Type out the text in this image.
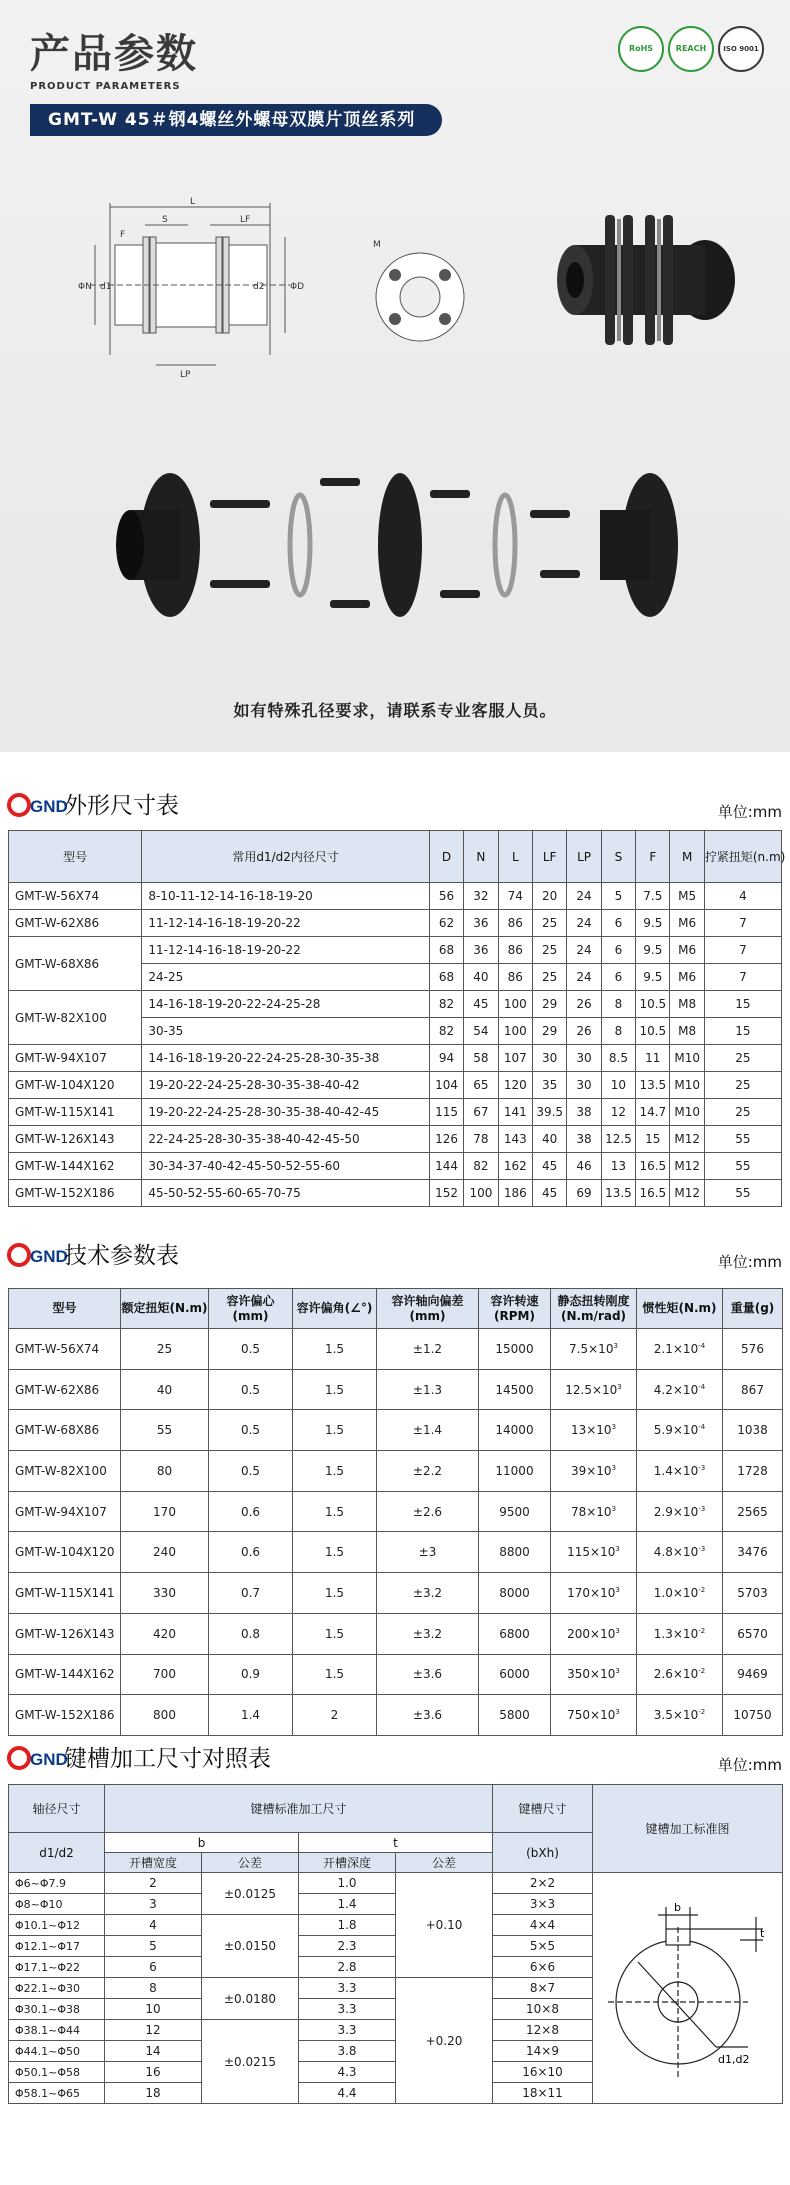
产品参数
PRODUCT PARAMETERS
GMT-W 45＃钢4螺丝外螺母双膜片顶丝系列
RoHS	REACH	ISO 9001
L
S	LF
F
ΦN d1	d2	ΦD
LP
M
如有特殊孔径要求，请联系专业客服人员。
GND
外形尺寸表	单位:mm
型号	常用d1/d2内径尺寸	D	N	L	LF	LP	S	F	M	拧紧扭矩(n.m)
GMT-W-56X74	8-10-11-12-14-16-18-19-20	56	32	74	20	24	5	7.5	M5	4
GMT-W-62X86	11-12-14-16-18-19-20-22	62	36	86	25	24	6	9.5	M6	7
GMT-W-68X86	11-12-14-16-18-19-20-22	68	36	86	25	24	6	9.5	M6	7
	24-25	68	40	86	25	24	6	9.5	M6	7
GMT-W-82X100	14-16-18-19-20-22-24-25-28	82	45	100	29	26	8	10.5	M8	15
	30-35	82	54	100	29	26	8	10.5	M8	15
GMT-W-94X107	14-16-18-19-20-22-24-25-28-30-35-38	94	58	107	30	30	8.5	11	M10	25
GMT-W-104X120	19-20-22-24-25-28-30-35-38-40-42	104	65	120	35	30	10	13.5	M10	25
GMT-W-115X141	19-20-22-24-25-28-30-35-38-40-42-45	115	67	141	39.5	38	12	14.7	M10	25
GMT-W-126X143	22-24-25-28-30-35-38-40-42-45-50	126	78	143	40	38	12.5	15	M12	55
GMT-W-144X162	30-34-37-40-42-45-50-52-55-60	144	82	162	45	46	13	16.5	M12	55
GMT-W-152X186	45-50-52-55-60-65-70-75	152	100	186	45	69	13.5	16.5	M12	55
GND
技术参数表	单位:mm
型号	额定扭矩(N.m)	容许偏心(mm)	容许偏角(∠°)	容许轴向偏差(mm)	容许转速(RPM)	静态扭转刚度(N.m/rad)	惯性矩(N.m)	重量(g)
GMT-W-56X74	25	0.5	1.5	±1.2	15000	$7.5\times 10^3$	$2.1\times 10^{-4}$	576
GMT-W-62X86	40	0.5	1.5	±1.3	14500	$12.5\times 10^3$	$4.2\times 10^{-4}$	867
GMT-W-68X86	55	0.5	1.5	±1.4	14000	$13\times 10^3$	$5.9\times 10^{-4}$	1038
GMT-W-82X100	80	0.5	1.5	±2.2	11000	$39\times 10^3$	$1.4\times 10^{-3}$	1728
GMT-W-94X107	170	0.6	1.5	±2.6	9500	$78\times 10^3$	$2.9\times 10^{-3}$	2565
GMT-W-104X120	240	0.6	1.5	±3	8800	$115\times 10^3$	$4.8\times 10^{-3}$	3476
GMT-W-115X141	330	0.7	1.5	±3.2	8000	$170\times 10^3$	$1.0\times 10^{-2}$	5703
GMT-W-126X143	420	0.8	1.5	±3.2	6800	$200\times 10^3$	$1.3\times 10^{-2}$	6570
GMT-W-144X162	700	0.9	1.5	±3.6	6000	$350\times 10^3$	$2.6\times 10^{-2}$	9469
GMT-W-152X186	800	1.4	2	±3.6	5800	$750\times 10^3$	$3.5\times 10^{-2}$	10750
GND
键槽加工尺寸对照表	单位:mm
轴径尺寸	键槽标准加工尺寸				键槽尺寸	键槽加工标准图
d1/d2	b		t		(bXh)	
	开槽宽度	公差	开槽深度	公差		
Φ6~Φ7.9	2	±0.0125	1.0	+0.10	2×2	b
t
d1,d2

Φ8~Φ10	3		1.4		3×3	
Φ10.1~Φ12	4	±0.0150	1.8		4×4	
Φ12.1~Φ17	5		2.3		5×5	
Φ17.1~Φ22	6		2.8		6×6	
Φ22.1~Φ30	8	±0.0180	3.3	+0.20	8×7	
Φ30.1~Φ38	10		3.3		10×8	
Φ38.1~Φ44	12	±0.0215	3.3		12×8	
Φ44.1~Φ50	14		3.8		14×9	
Φ50.1~Φ58	16		4.3		16×10	
Φ58.1~Φ65	18		4.4		18×11	
